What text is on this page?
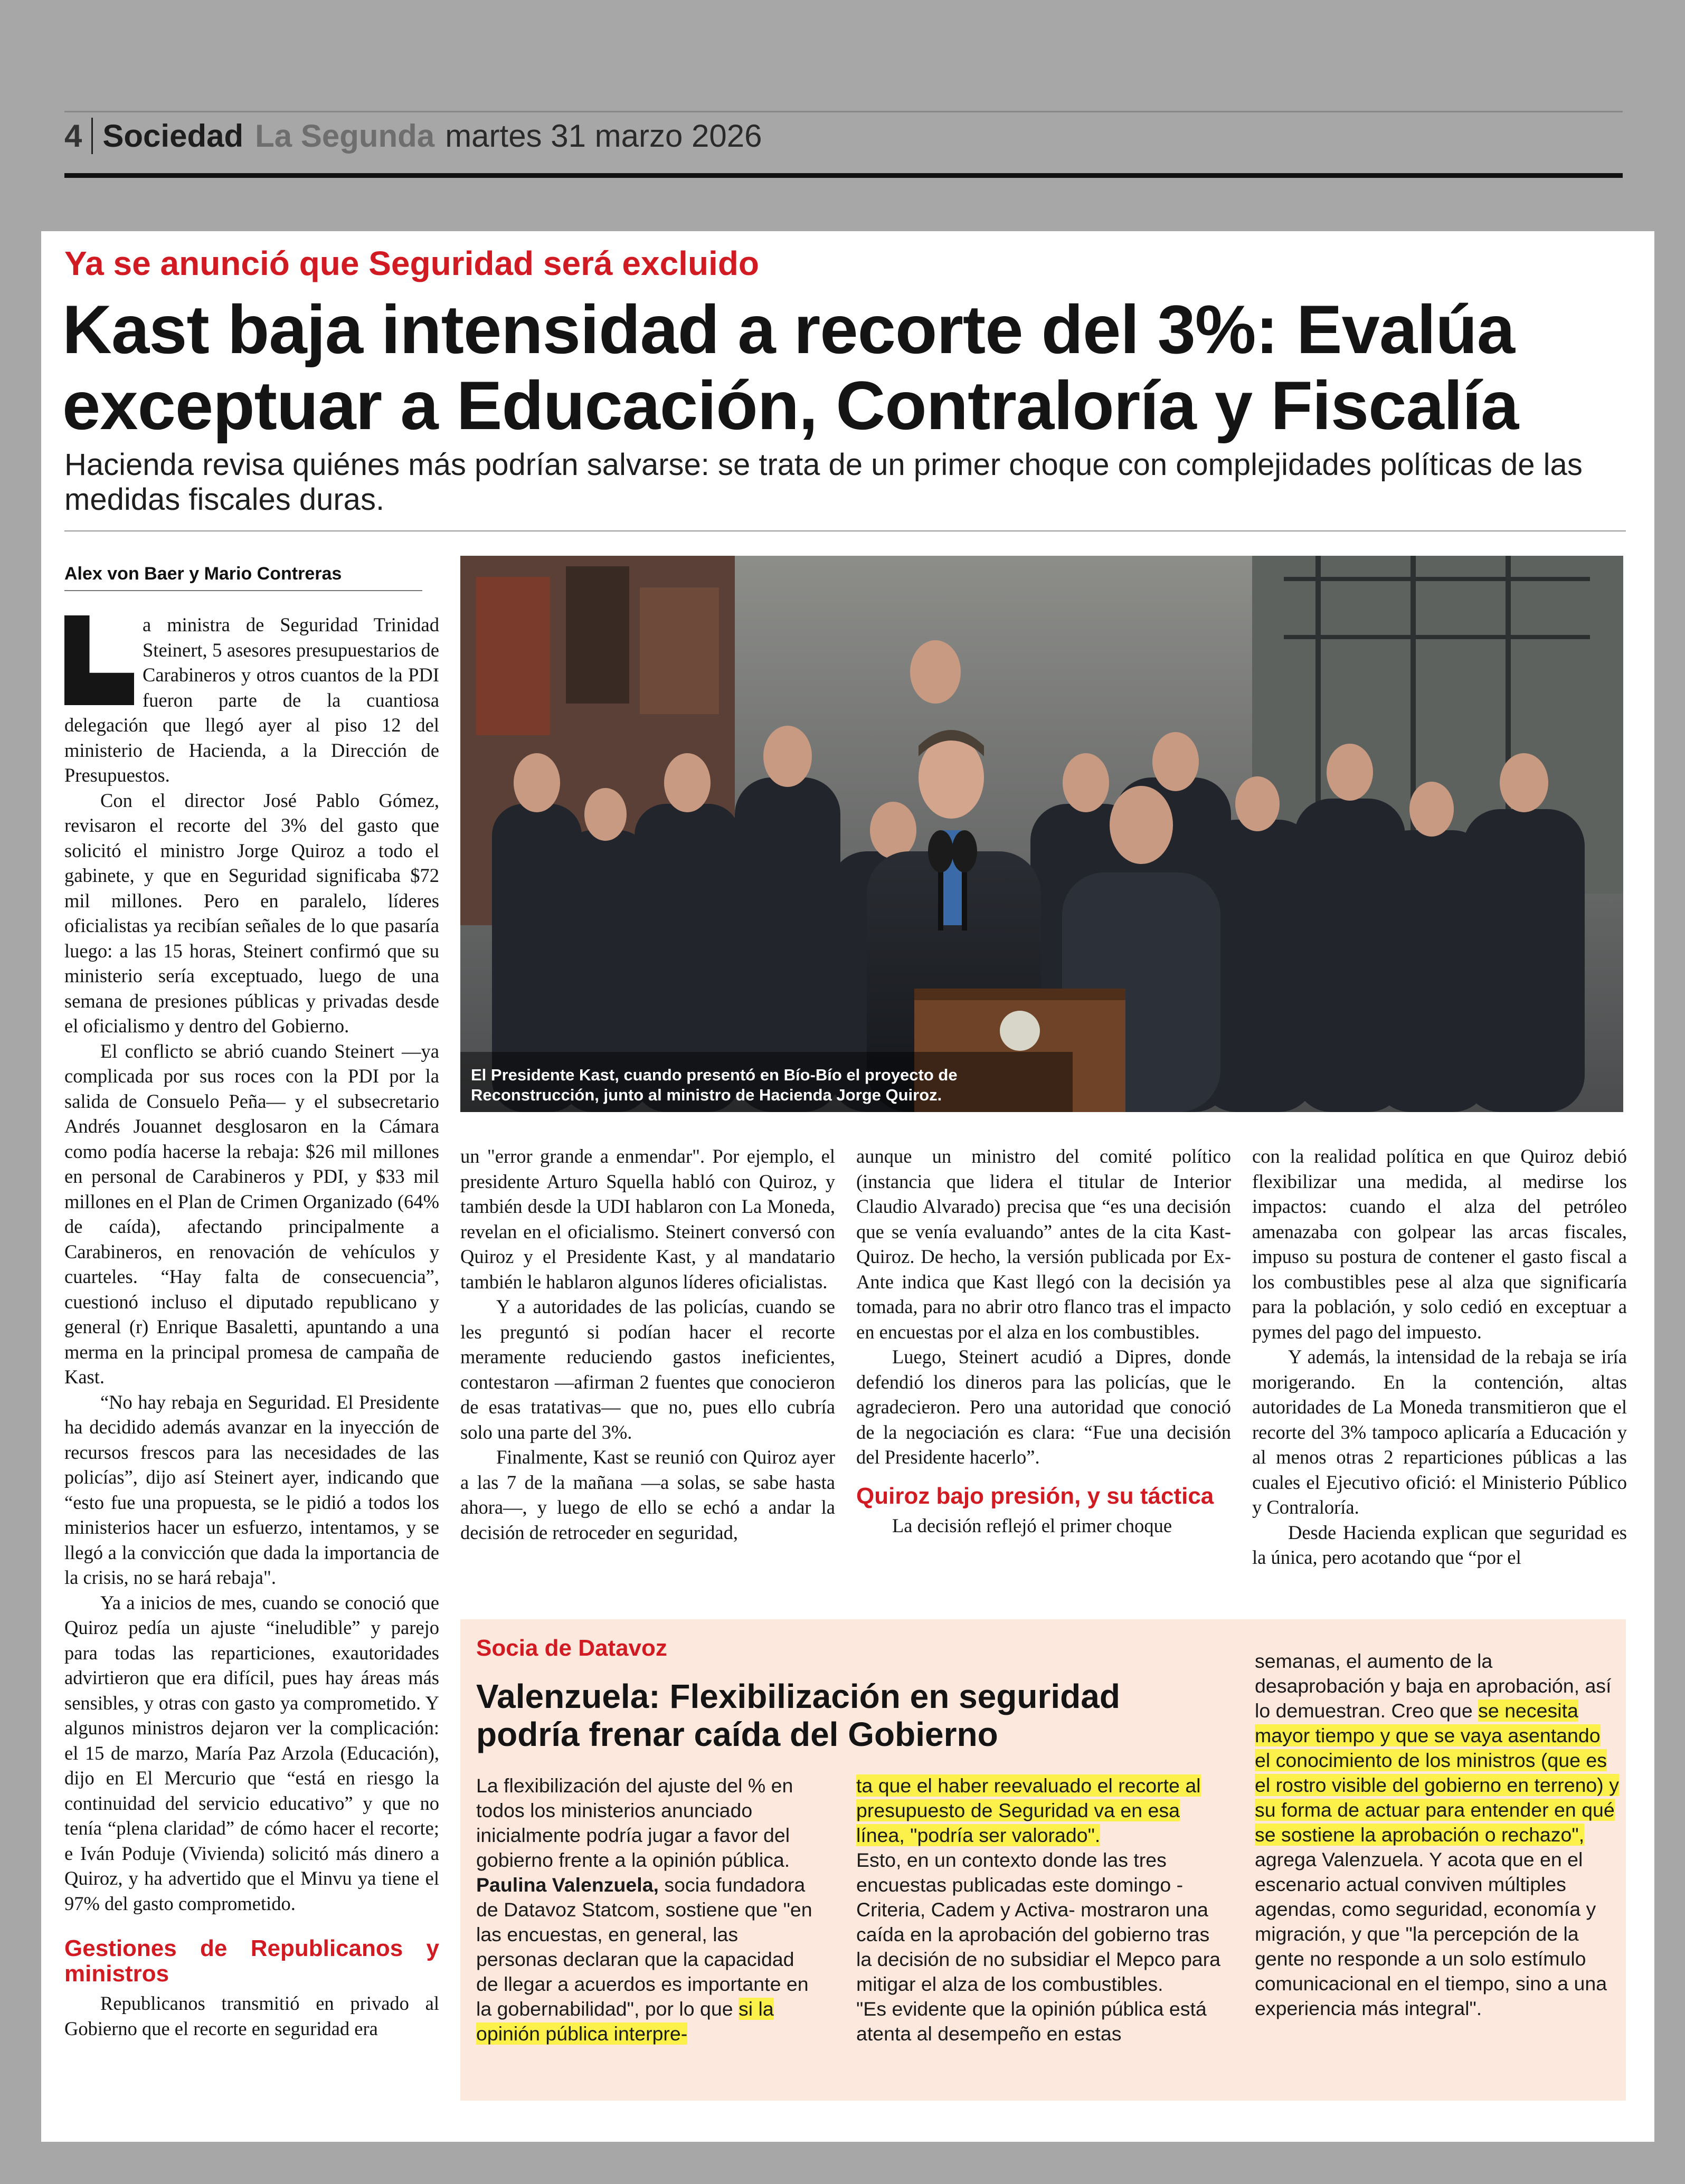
4 Sociedad La Segunda martes 31 marzo 2026
Ya se anunció que Seguridad será excluido
Kast baja intensidad a recorte del 3%: Evalúa exceptuar a Educación, Contraloría y Fiscalía
Hacienda revisa quiénes más podrían salvarse: se trata de un primer choque con complejidades políticas de las medidas fiscales duras.
Alex von Baer y Mario Contreras

a ministra de Seguridad Trinidad Steinert, 5 asesores presupuestarios de Carabineros y otros cuantos de la PDI fueron parte de la cuantiosa delegación que llegó ayer al piso 12 del ministerio de Hacienda, a la Dirección de Presupuestos.

Con el director José Pablo Gómez, revisaron el recorte del 3% del gasto que solicitó el ministro Jorge Quiroz a todo el gabinete, y que en Seguridad significaba $72 mil millones. Pero en paralelo, líderes oficialistas ya recibían señales de lo que pasaría luego: a las 15 horas, Steinert confirmó que su ministerio sería exceptuado, luego de una semana de presiones públicas y privadas desde el oficialismo y dentro del Gobierno.

El conflicto se abrió cuando Steinert —ya complicada por sus roces con la PDI por la salida de Consuelo Peña— y el subsecretario Andrés Jouannet desglosaron en la Cámara como podía hacerse la rebaja: $26 mil millones en personal de Carabineros y PDI, y $33 mil millones en el Plan de Crimen Organizado (64% de caída), afectando principalmente a Carabineros, en renovación de vehículos y cuarteles. “Hay falta de consecuencia”, cuestionó incluso el diputado republicano y general (r) Enrique Basaletti, apuntando a una merma en la principal promesa de campaña de Kast.

“No hay rebaja en Seguridad. El Presidente ha decidido además avanzar en la inyección de recursos frescos para las necesidades de las policías”, dijo así Steinert ayer, indicando que “esto fue una propuesta, se le pidió a todos los ministerios hacer un esfuerzo, intentamos, y se llegó a la convicción que dada la importancia de la crisis, no se hará rebaja".

Ya a inicios de mes, cuando se conoció que Quiroz pedía un ajuste “ineludible” y parejo para todas las reparticiones, exautoridades advirtieron que era difícil, pues hay áreas más sensibles, y otras con gasto ya comprometido. Y algunos ministros dejaron ver la complicación: el 15 de marzo, María Paz Arzola (Educación), dijo en El Mercurio que “está en riesgo la continuidad del servicio educativo” y que no tenía “plena claridad” de cómo hacer el recorte; e Iván Poduje (Vivienda) solicitó más dinero a Quiroz, y ha advertido que el Minvu ya tiene el 97% del gasto comprometido.

Gestiones de Republicanos y ministros

Republicanos transmitió en privado al Gobierno que el recorte en seguridad era

El Presidente Kast, cuando presentó en Bío-Bío el proyecto de Reconstrucción, junto al ministro de Hacienda Jorge Quiroz.

un "error grande a enmendar". Por ejemplo, el presidente Arturo Squella habló con Quiroz, y también desde la UDI hablaron con La Moneda, revelan en el oficialismo. Steinert conversó con Quiroz y el Presidente Kast, y al mandatario también le hablaron algunos líderes oficialistas.

Y a autoridades de las policías, cuando se les preguntó si podían hacer el recorte meramente reduciendo gastos ineficientes, contestaron —afirman 2 fuentes que conocieron de esas tratativas— que no, pues ello cubría solo una parte del 3%.

Finalmente, Kast se reunió con Quiroz ayer a las 7 de la mañana —a solas, se sabe hasta ahora—, y luego de ello se echó a andar la decisión de retroceder en seguridad,

aunque un ministro del comité político (instancia que lidera el titular de Interior Claudio Alvarado) precisa que “es una decisión que se venía evaluando” antes de la cita Kast-Quiroz. De hecho, la versión publicada por Ex-Ante indica que Kast llegó con la decisión ya tomada, para no abrir otro flanco tras el impacto en encuestas por el alza en los combustibles.

Luego, Steinert acudió a Dipres, donde defendió los dineros para las policías, que le agradecieron. Pero una autoridad que conoció de la negociación es clara: “Fue una decisión del Presidente hacerlo”.

Quiroz bajo presión, y su táctica

La decisión reflejó el primer choque

con la realidad política en que Quiroz debió flexibilizar una medida, al medirse los impactos: cuando el alza del petróleo amenazaba con golpear las arcas fiscales, impuso su postura de contener el gasto fiscal a los combustibles pese al alza que significaría para la población, y solo cedió en exceptuar a pymes del pago del impuesto.

Y además, la intensidad de la rebaja se iría morigerando. En la contención, altas autoridades de La Moneda transmitieron que el recorte del 3% tampoco aplicaría a Educación y al menos otras 2 reparticiones públicas a las cuales el Ejecutivo ofició: el Ministerio Público y Contraloría.

Desde Hacienda explican que seguridad es la única, pero acotando que “por el

Socia de Datavoz
Valenzuela: Flexibilización en seguridad podría frenar caída del Gobierno

La flexibilización del ajuste del % en todos los ministerios anunciado inicialmente podría jugar a favor del gobierno frente a la opinión pública.

Paulina Valenzuela, socia fundadora de Datavoz Statcom, sostiene que "en las encuestas, en general, las personas declaran que la capacidad de llegar a acuerdos es importante en la gobernabilidad", por lo que si la opinión pública interpre-

ta que el haber reevaluado el recorte al presupuesto de Seguridad va en esa línea, "podría ser valorado".

Esto, en un contexto donde las tres encuestas publicadas este domingo -Criteria, Cadem y Activa- mostraron una caída en la aprobación del gobierno tras la decisión de no subsidiar el Mepco para mitigar el alza de los combustibles.

"Es evidente que la opinión pública está atenta al desempeño en estas

semanas, el aumento de la desaprobación y baja en aprobación, así lo demuestran. Creo que se necesita mayor tiempo y que se vaya asentando el conocimiento de los ministros (que es el rostro visible del gobierno en terreno) y su forma de actuar para entender en qué se sostiene la aprobación o rechazo", agrega Valenzuela. Y acota que en el escenario actual conviven múltiples agendas, como seguridad, economía y migración, y que "la percepción de la gente no responde a un solo estímulo comunicacional en el tiempo, sino a una experiencia más integral".
